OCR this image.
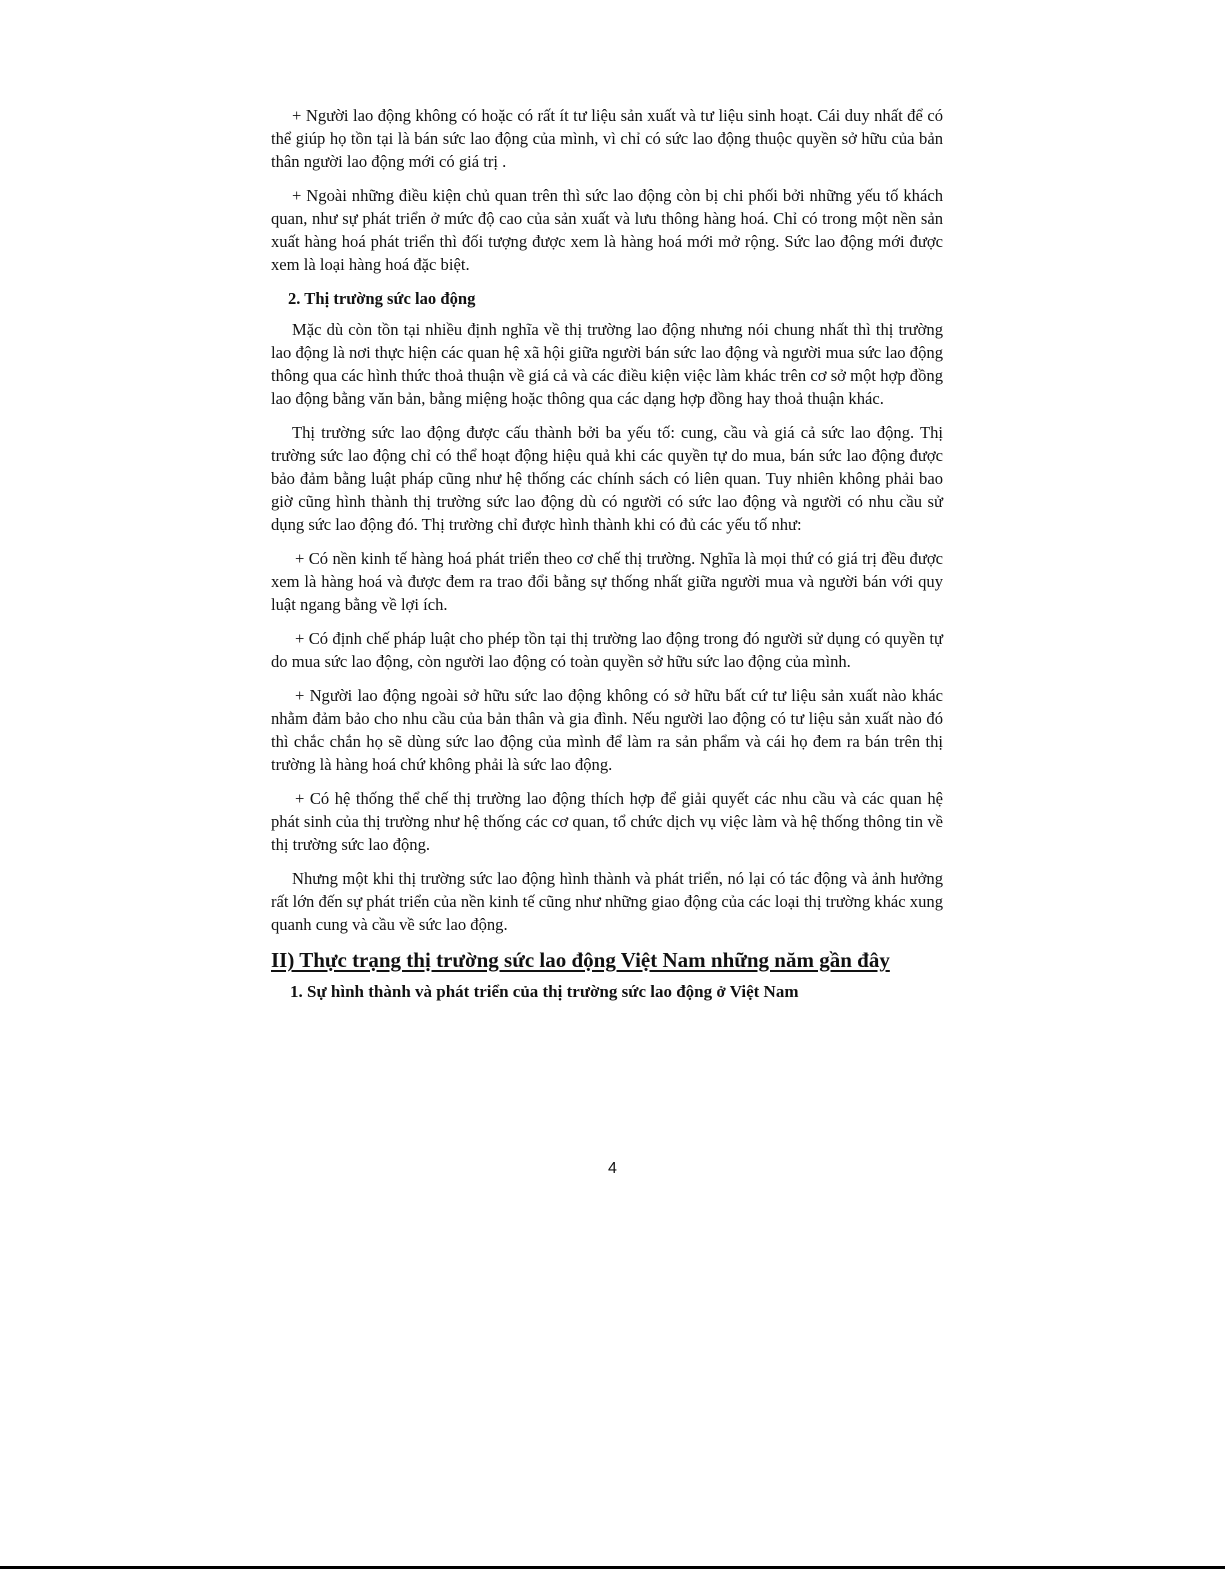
+ Người lao động không có hoặc có rất ít tư liệu sản xuất và tư liệu sinh hoạt. Cái duy nhất để có thể giúp họ tồn tại là bán sức lao động của mình, vì chỉ có sức lao động thuộc quyền sở hữu của bản thân người lao động mới có giá trị .

+ Ngoài những điều kiện chủ quan trên thì sức lao động còn bị chi phối bởi những yếu tố khách quan, như sự phát triển ở mức độ cao của sản xuất và lưu thông hàng hoá. Chỉ có trong một nền sản xuất hàng hoá phát triển thì đối tượng được xem là hàng hoá mới mở rộng. Sức lao động mới được xem là loại hàng hoá đặc biệt.

2. Thị trường sức lao động

Mặc dù còn tồn tại nhiều định nghĩa về thị trường lao động nhưng nói chung nhất thì thị trường lao động là nơi thực hiện các quan hệ xã hội giữa người bán sức lao động và người mua sức lao động thông qua các hình thức thoả thuận về giá cả và các điều kiện việc làm khác trên cơ sở một hợp đồng lao động bằng văn bản, bằng miệng hoặc thông qua các dạng hợp đồng hay thoả thuận khác.

Thị trường sức lao động được cấu thành bởi ba yếu tố: cung, cầu và giá cả sức lao động. Thị trường sức lao động chỉ có thể hoạt động hiệu quả khi các quyền tự do mua, bán sức lao động được bảo đảm bằng luật pháp cũng như hệ thống các chính sách có liên quan. Tuy nhiên không phải bao giờ cũng hình thành thị trường sức lao động dù có người có sức lao động và người có nhu cầu sử dụng sức lao động đó. Thị trường chỉ được hình thành khi có đủ các yếu tố như:

+ Có nền kinh tế hàng hoá phát triển theo cơ chế thị trường. Nghĩa là mọi thứ có giá trị đều được xem là hàng hoá và được đem ra trao đổi bằng sự thống nhất giữa người mua và người bán với quy luật ngang bằng về lợi ích.

+ Có định chế pháp luật cho phép tồn tại thị trường lao động trong đó người sử dụng có quyền tự do mua sức lao động, còn người lao động có toàn quyền sở hữu sức lao động của mình.

+ Người lao động ngoài sở hữu sức lao động không có sở hữu bất cứ tư liệu sản xuất nào khác nhằm đảm bảo cho nhu cầu của bản thân và gia đình. Nếu người lao động có tư liệu sản xuất nào đó thì chắc chắn họ sẽ dùng sức lao động của mình để làm ra sản phẩm và cái họ đem ra bán trên thị trường là hàng hoá chứ không phải là sức lao động.

+ Có hệ thống thể chế thị trường lao động thích hợp để giải quyết các nhu cầu và các quan hệ phát sinh của thị trường như hệ thống các cơ quan, tổ chức dịch vụ việc làm và hệ thống thông tin về thị trường sức lao động.

Nhưng một khi thị trường sức lao động hình thành và phát triển, nó lại có tác động và ảnh hưởng rất lớn đến sự phát triển của nền kinh tế cũng như những giao động của các loại thị trường khác xung quanh cung và cầu về sức lao động.

II) Thực trạng thị trường sức lao động Việt Nam những năm gần đây
1. Sự hình thành và phát triển của thị trường sức lao động ở Việt Nam
4
